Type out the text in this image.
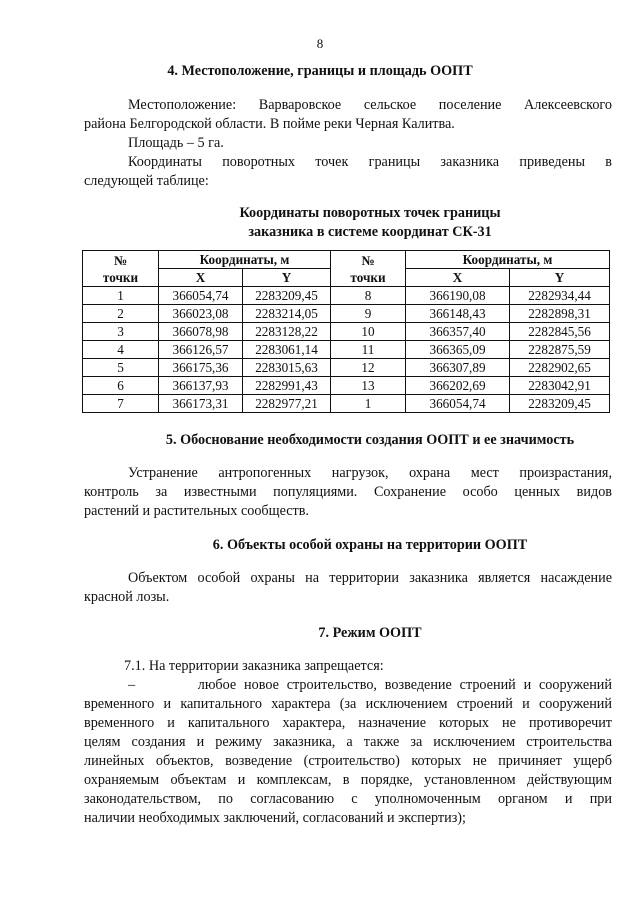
8
4. Местоположение, границы и площадь ООПТ
Местоположение: Варваровское сельское поселение Алексеевского
района Белгородской области. В пойме реки Черная Калитва.
Площадь – 5 га.
Координаты поворотных точек границы заказника приведены в
следующей таблице:
Координаты поворотных точек границы
заказника в системе координат СК-31
№
точки	Координаты, м		№
точки	Координаты, м	
	X	Y		X	Y
1	366054,74	2283209,45	8	366190,08	2282934,44
2	366023,08	2283214,05	9	366148,43	2282898,31
3	366078,98	2283128,22	10	366357,40	2282845,56
4	366126,57	2283061,14	11	366365,09	2282875,59
5	366175,36	2283015,63	12	366307,89	2282902,65
6	366137,93	2282991,43	13	366202,69	2283042,91
7	366173,31	2282977,21	1	366054,74	2283209,45
5. Обоснование необходимости создания ООПТ и ее значимость
Устранение антропогенных нагрузок, охрана мест произрастания,
контроль за известными популяциями. Сохранение особо ценных видов
растений и растительных сообществ.
6. Объекты особой охраны на территории ООПТ
Объектом особой охраны на территории заказника является насаждение
красной лозы.
7. Режим ООПТ
7.1. На территории заказника запрещается:
–        любое новое строительство, возведение строений и сооружений
временного и капитального характера (за исключением строений и сооружений
временного и капитального характера, назначение которых не противоречит
целям создания и режиму заказника, а также за исключением строительства
линейных объектов, возведение (строительство) которых не причиняет ущерб
охраняемым объектам и комплексам, в порядке, установленном действующим
законодательством, по согласованию с уполномоченным органом и при
наличии необходимых заключений, согласований и экспертиз);
